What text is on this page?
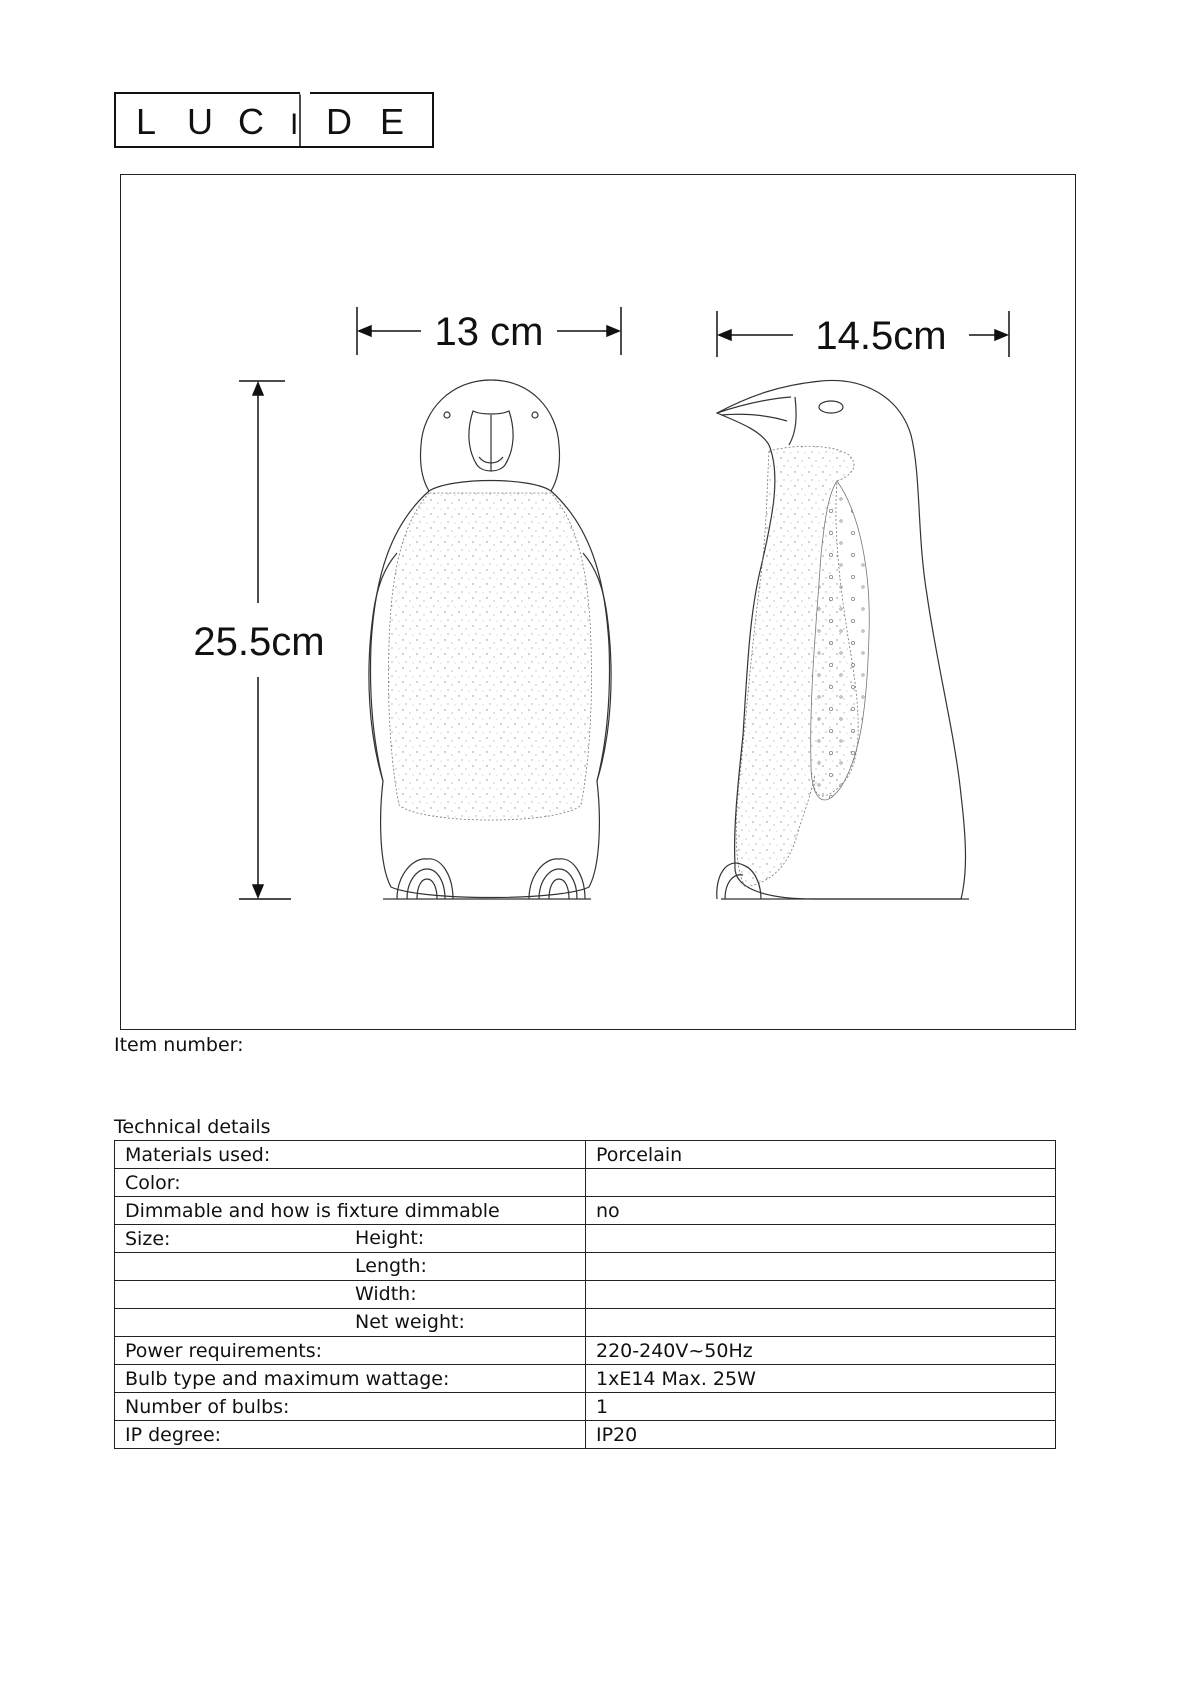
L U C I D E
13 cm	14.5cm
25.5cm
Item number:
Technical details
Materials used:	Porcelain
Color:

Dimmable and how is fixture dimmable	no
Size: Height:	

Length:	

Width:	

Net weight:	

Power requirements:	220-240V~50Hz
Bulb type and maximum wattage:	1xE14 Max. 25W
Number of bulbs:	1
IP degree:	IP20
